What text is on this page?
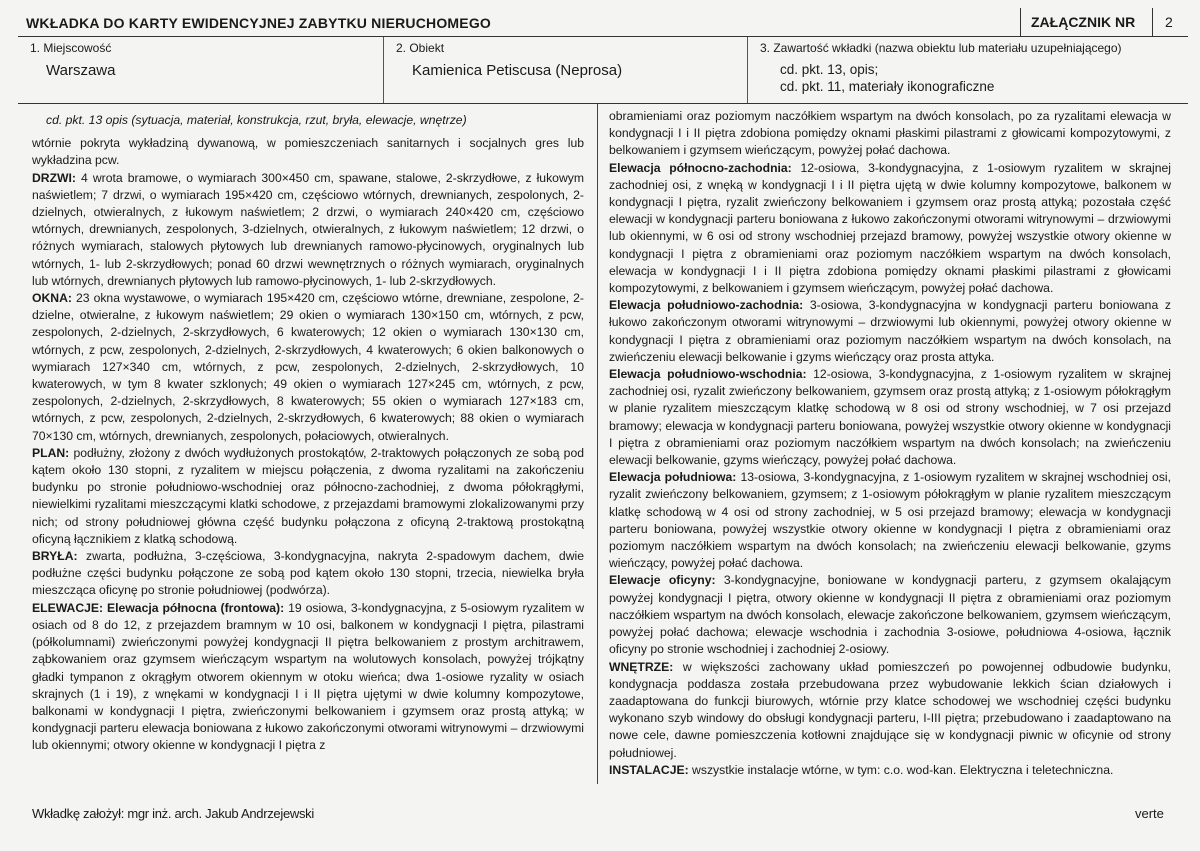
WKŁADKA DO KARTY EWIDENCYJNEJ ZABYTKU NIERUCHOMEGO	ZAŁĄCZNIK NR	2
1. Miejscowość
Warszawa
2. Obiekt
Kamienica Petiscusa (Neprosa)
3. Zawartość wkładki (nazwa obiektu lub materiału uzupełniającego)
cd. pkt. 13, opis;
cd. pkt. 11, materiały ikonograficzne

cd. pkt. 13 opis (sytuacja, materiał, konstrukcja, rzut, bryła, elewacje, wnętrze)

wtórnie pokryta wykładziną dywanową, w pomieszczeniach sanitarnych i socjalnych gres lub wykładzina pcw.

DRZWI: 4 wrota bramowe, o wymiarach 300×450 cm, spawane, stalowe, 2-skrzydłowe, z łukowym naświetlem; 7 drzwi, o wymiarach 195×420 cm, częściowo wtórnych, drewnianych, zespolonych, 2-dzielnych, otwieralnych, z łukowym naświetlem; 2 drzwi, o wymiarach 240×420 cm, częściowo wtórnych, drewnianych, zespolonych, 3-dzielnych, otwieralnych, z łukowym naświetlem; 12 drzwi, o różnych wymiarach, stalowych płytowych lub drewnianych ramowo-płycinowych, oryginalnych lub wtórnych, 1- lub 2-skrzydłowych; ponad 60 drzwi wewnętrznych o różnych wymiarach, oryginalnych lub wtórnych, drewnianych płytowych lub ramowo-płycinowych, 1- lub 2-skrzydłowych.

OKNA: 23 okna wystawowe, o wymiarach 195×420 cm, częściowo wtórne, drewniane, zespolone, 2-dzielne, otwieralne, z łukowym naświetlem; 29 okien o wymiarach 130×150 cm, wtórnych, z pcw, zespolonych, 2-dzielnych, 2-skrzydłowych, 6 kwaterowych; 12 okien o wymiarach 130×130 cm, wtórnych, z pcw, zespolonych, 2-dzielnych, 2-skrzydłowych, 4 kwaterowych; 6 okien balkonowych o wymiarach 127×340 cm, wtórnych, z pcw, zespolonych, 2-dzielnych, 2-skrzydłowych, 10 kwaterowych, w tym 8 kwater szklonych; 49 okien o wymiarach 127×245 cm, wtórnych, z pcw, zespolonych, 2-dzielnych, 2-skrzydłowych, 8 kwaterowych; 55 okien o wymiarach 127×183 cm, wtórnych, z pcw, zespolonych, 2-dzielnych, 2-skrzydłowych, 6 kwaterowych; 88 okien o wymiarach 70×130 cm, wtórnych, drewnianych, zespolonych, połaciowych, otwieralnych.

PLAN: podłużny, złożony z dwóch wydłużonych prostokątów, 2-traktowych połączonych ze sobą pod kątem około 130 stopni, z ryzalitem w miejscu połączenia, z dwoma ryzalitami na zakończeniu budynku po stronie południowo-wschodniej oraz północno-zachodniej, z dwoma półokrągłymi, niewielkimi ryzalitami mieszczącymi klatki schodowe, z przejazdami bramowymi zlokalizowanymi przy nich; od strony południowej główna część budynku połączona z oficyną 2-traktową prostokątną oficyną łącznikiem z klatką schodową.

BRYŁA: zwarta, podłużna, 3-częściowa, 3-kondygnacyjna, nakryta 2-spadowym dachem, dwie podłużne części budynku połączone ze sobą pod kątem około 130 stopni, trzecia, niewielka bryła mieszcząca oficynę po stronie południowej (podwórza).

ELEWACJE: Elewacja północna (frontowa): 19 osiowa, 3-kondygnacyjna, z 5-osiowym ryzalitem w osiach od 8 do 12, z przejazdem bramnym w 10 osi, balkonem w kondygnacji I piętra, pilastrami (półkolumnami) zwieńczonymi powyżej kondygnacji II piętra belkowaniem z prostym architrawem, ząbkowaniem oraz gzymsem wieńczącym wspartym na wolutowych konsolach, powyżej trójkątny gładki tympanon z okrągłym otworem okiennym w otoku wieńca; dwa 1-osiowe ryzality w osiach skrajnych (1 i 19), z wnękami w kondygnacji I i II piętra ujętymi w dwie kolumny kompozytowe, balkonami w kondygnacji I piętra, zwieńczonymi belkowaniem i gzymsem oraz prostą attyką; w kondygnacji parteru elewacja boniowana z łukowo zakończonymi otworami witrynowymi – drzwiowymi lub okiennymi; otwory okienne w kondygnacji I piętra z

obramieniami oraz poziomym naczółkiem wspartym na dwóch konsolach, po za ryzalitami elewacja w kondygnacji I i II piętra zdobiona pomiędzy oknami płaskimi pilastrami z głowicami kompozytowymi, z belkowaniem i gzymsem wieńczącym, powyżej połać dachowa.

Elewacja północno-zachodnia: 12-osiowa, 3-kondygnacyjna, z 1-osiowym ryzalitem w skrajnej zachodniej osi, z wnęką w kondygnacji I i II piętra ujętą w dwie kolumny kompozytowe, balkonem w kondygnacji I piętra, ryzalit zwieńczony belkowaniem i gzymsem oraz prostą attyką; pozostała część elewacji w kondygnacji parteru boniowana z łukowo zakończonymi otworami witrynowymi – drzwiowymi lub okiennymi, w 6 osi od strony wschodniej przejazd bramowy, powyżej wszystkie otwory okienne w kondygnacji I piętra z obramieniami oraz poziomym naczółkiem wspartym na dwóch konsolach, elewacja w kondygnacji I i II piętra zdobiona pomiędzy oknami płaskimi pilastrami z głowicami kompozytowymi, z belkowaniem i gzymsem wieńczącym, powyżej połać dachowa.

Elewacja południowo-zachodnia: 3-osiowa, 3-kondygnacyjna w kondygnacji parteru boniowana z łukowo zakończonym otworami witrynowymi – drzwiowymi lub okiennymi, powyżej otwory okienne w kondygnacji I piętra z obramieniami oraz poziomym naczółkiem wspartym na dwóch konsolach, na zwieńczeniu elewacji belkowanie i gzyms wieńczący oraz prosta attyka.

Elewacja południowo-wschodnia: 12-osiowa, 3-kondygnacyjna, z 1-osiowym ryzalitem w skrajnej zachodniej osi, ryzalit zwieńczony belkowaniem, gzymsem oraz prostą attyką; z 1-osiowym półokrągłym w planie ryzalitem mieszczącym klatkę schodową w 8 osi od strony wschodniej, w 7 osi przejazd bramowy; elewacja w kondygnacji parteru boniowana, powyżej wszystkie otwory okienne w kondygnacji I piętra z obramieniami oraz poziomym naczółkiem wspartym na dwóch konsolach; na zwieńczeniu elewacji belkowanie, gzyms wieńczący, powyżej połać dachowa.

Elewacja południowa: 13-osiowa, 3-kondygnacyjna, z 1-osiowym ryzalitem w skrajnej wschodniej osi, ryzalit zwieńczony belkowaniem, gzymsem; z 1-osiowym półokrągłym w planie ryzalitem mieszczącym klatkę schodową w 4 osi od strony zachodniej, w 5 osi przejazd bramowy; elewacja w kondygnacji parteru boniowana, powyżej wszystkie otwory okienne w kondygnacji I piętra z obramieniami oraz poziomym naczółkiem wspartym na dwóch konsolach; na zwieńczeniu elewacji belkowanie, gzyms wieńczący, powyżej połać dachowa.

Elewacje oficyny: 3-kondygnacyjne, boniowane w kondygnacji parteru, z gzymsem okalającym powyżej kondygnacji I piętra, otwory okienne w kondygnacji II piętra z obramieniami oraz poziomym naczółkiem wspartym na dwóch konsolach, elewacje zakończone belkowaniem, gzymsem wieńczącym, powyżej połać dachowa; elewacje wschodnia i zachodnia 3-osiowe, południowa 4-osiowa, łącznik oficyny po stronie wschodniej i zachodniej 2-osiowy.

WNĘTRZE: w większości zachowany układ pomieszczeń po powojennej odbudowie budynku, kondygnacja poddasza została przebudowana przez wybudowanie lekkich ścian działowych i zaadaptowana do funkcji biurowych, wtórnie przy klatce schodowej we wschodniej części budynku wykonano szyb windowy do obsługi kondygnacji parteru, I-III piętra; przebudowano i zaadaptowano na nowe cele, dawne pomieszczenia kotłowni znajdujące się w kondygnacji piwnic w oficynie od strony południowej.

INSTALACJE: wszystkie instalacje wtórne, w tym: c.o. wod-kan. Elektryczna i teletechniczna.

Wkładkę założył: mgr inż. arch. Jakub Andrzejewski	verte
